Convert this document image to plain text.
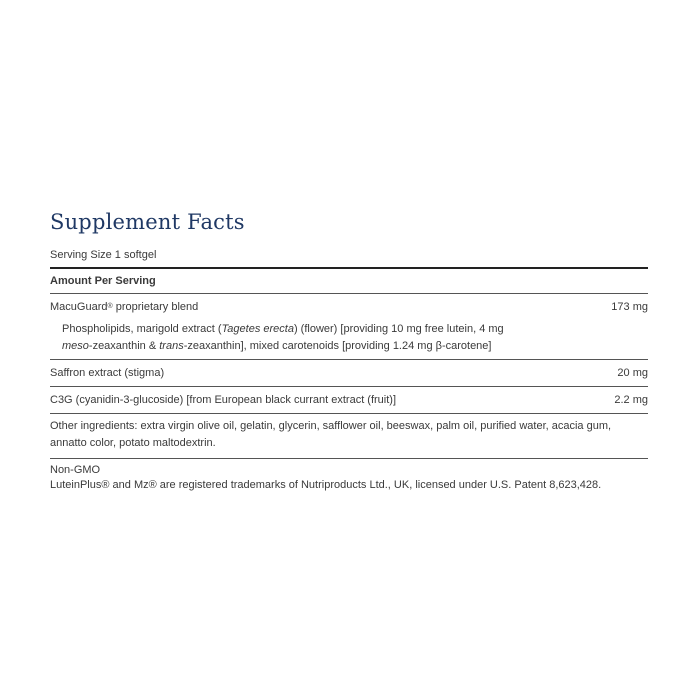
Supplement Facts
Serving Size 1 softgel
Amount Per Serving
MacuGuard® proprietary blend	173 mg
Phospholipids, marigold extract (Tagetes erecta) (flower) [providing 10 mg free lutein, 4 mg
meso-zeaxanthin & trans-zeaxanthin], mixed carotenoids [providing 1.24 mg β-carotene]
Saffron extract (stigma)	20 mg
C3G (cyanidin-3-glucoside) [from European black currant extract (fruit)]	2.2 mg
Other ingredients: extra virgin olive oil, gelatin, glycerin, safflower oil, beeswax, palm oil, purified water, acacia gum, annatto color, potato maltodextrin.
Non-GMO
LuteinPlus® and Mz® are registered trademarks of Nutriproducts Ltd., UK, licensed under U.S. Patent 8,623,428.
